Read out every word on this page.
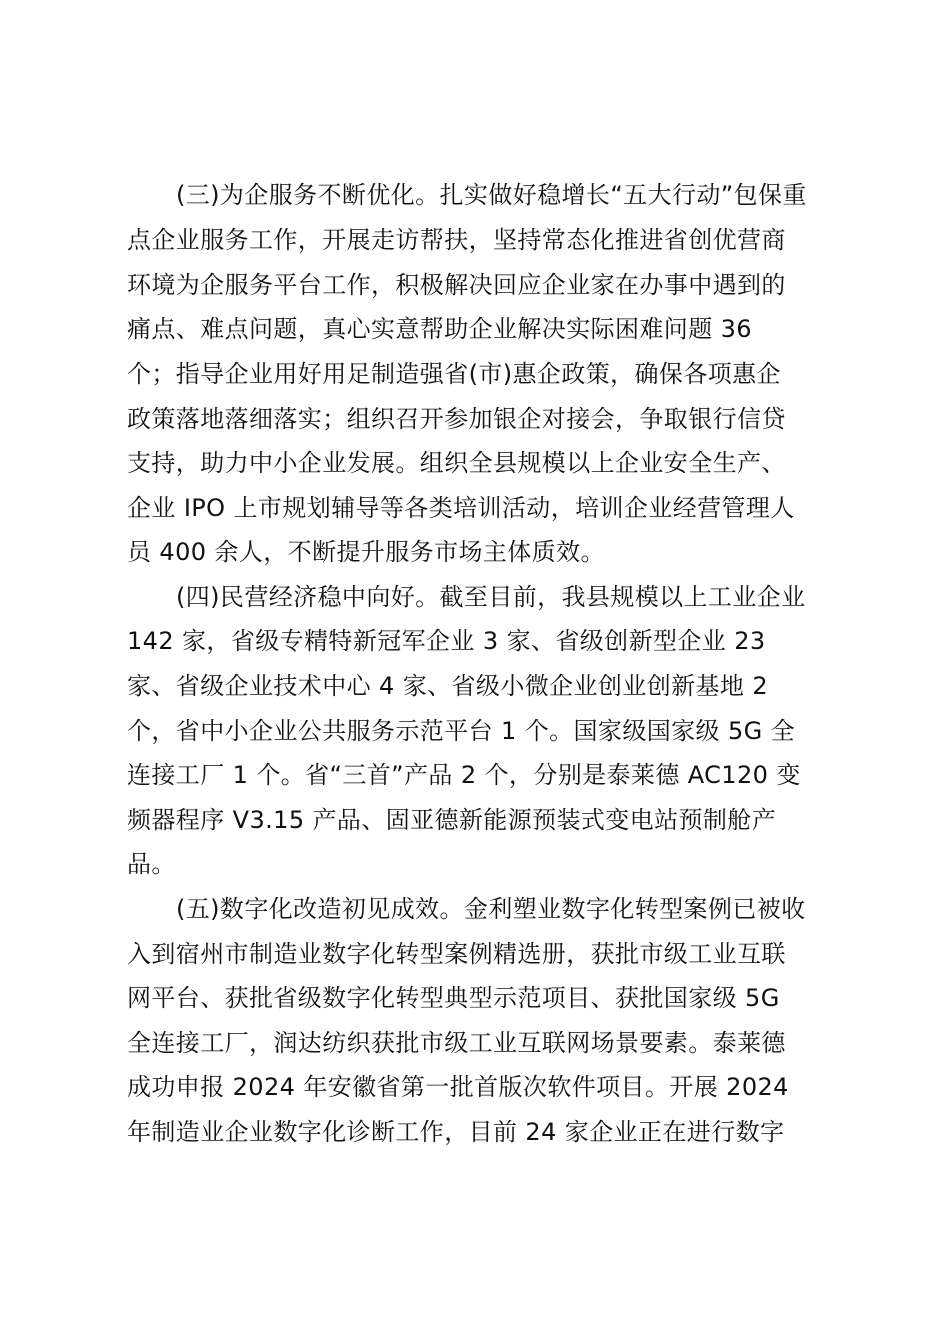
(三)为企服务不断优化。扎实做好稳增长“五大行动”包保重
点企业服务工作，开展走访帮扶，坚持常态化推进省创优营商
环境为企服务平台工作，积极解决回应企业家在办事中遇到的
痛点、难点问题，真心实意帮助企业解决实际困难问题 36
个；指导企业用好用足制造强省(市)惠企政策，确保各项惠企
政策落地落细落实；组织召开参加银企对接会，争取银行信贷
支持，助力中小企业发展。组织全县规模以上企业安全生产、
企业 IPO 上市规划辅导等各类培训活动，培训企业经营管理人
员 400 余人，不断提升服务市场主体质效。
(四)民营经济稳中向好。截至目前，我县规模以上工业企业
142 家，省级专精特新冠军企业 3 家、省级创新型企业 23
家、省级企业技术中心 4 家、省级小微企业创业创新基地 2
个，省中小企业公共服务示范平台 1 个。国家级国家级 5G 全
连接工厂 1 个。省“三首”产品 2 个，分别是泰莱德 AC120 变
频器程序 V3.15 产品、固亚德新能源预装式变电站预制舱产
品。
(五)数字化改造初见成效。金利塑业数字化转型案例已被收
入到宿州市制造业数字化转型案例精选册，获批市级工业互联
网平台、获批省级数字化转型典型示范项目、获批国家级 5G
全连接工厂，润达纺织获批市级工业互联网场景要素。泰莱德
成功申报 2024 年安徽省第一批首版次软件项目。开展 2024
年制造业企业数字化诊断工作，目前 24 家企业正在进行数字
